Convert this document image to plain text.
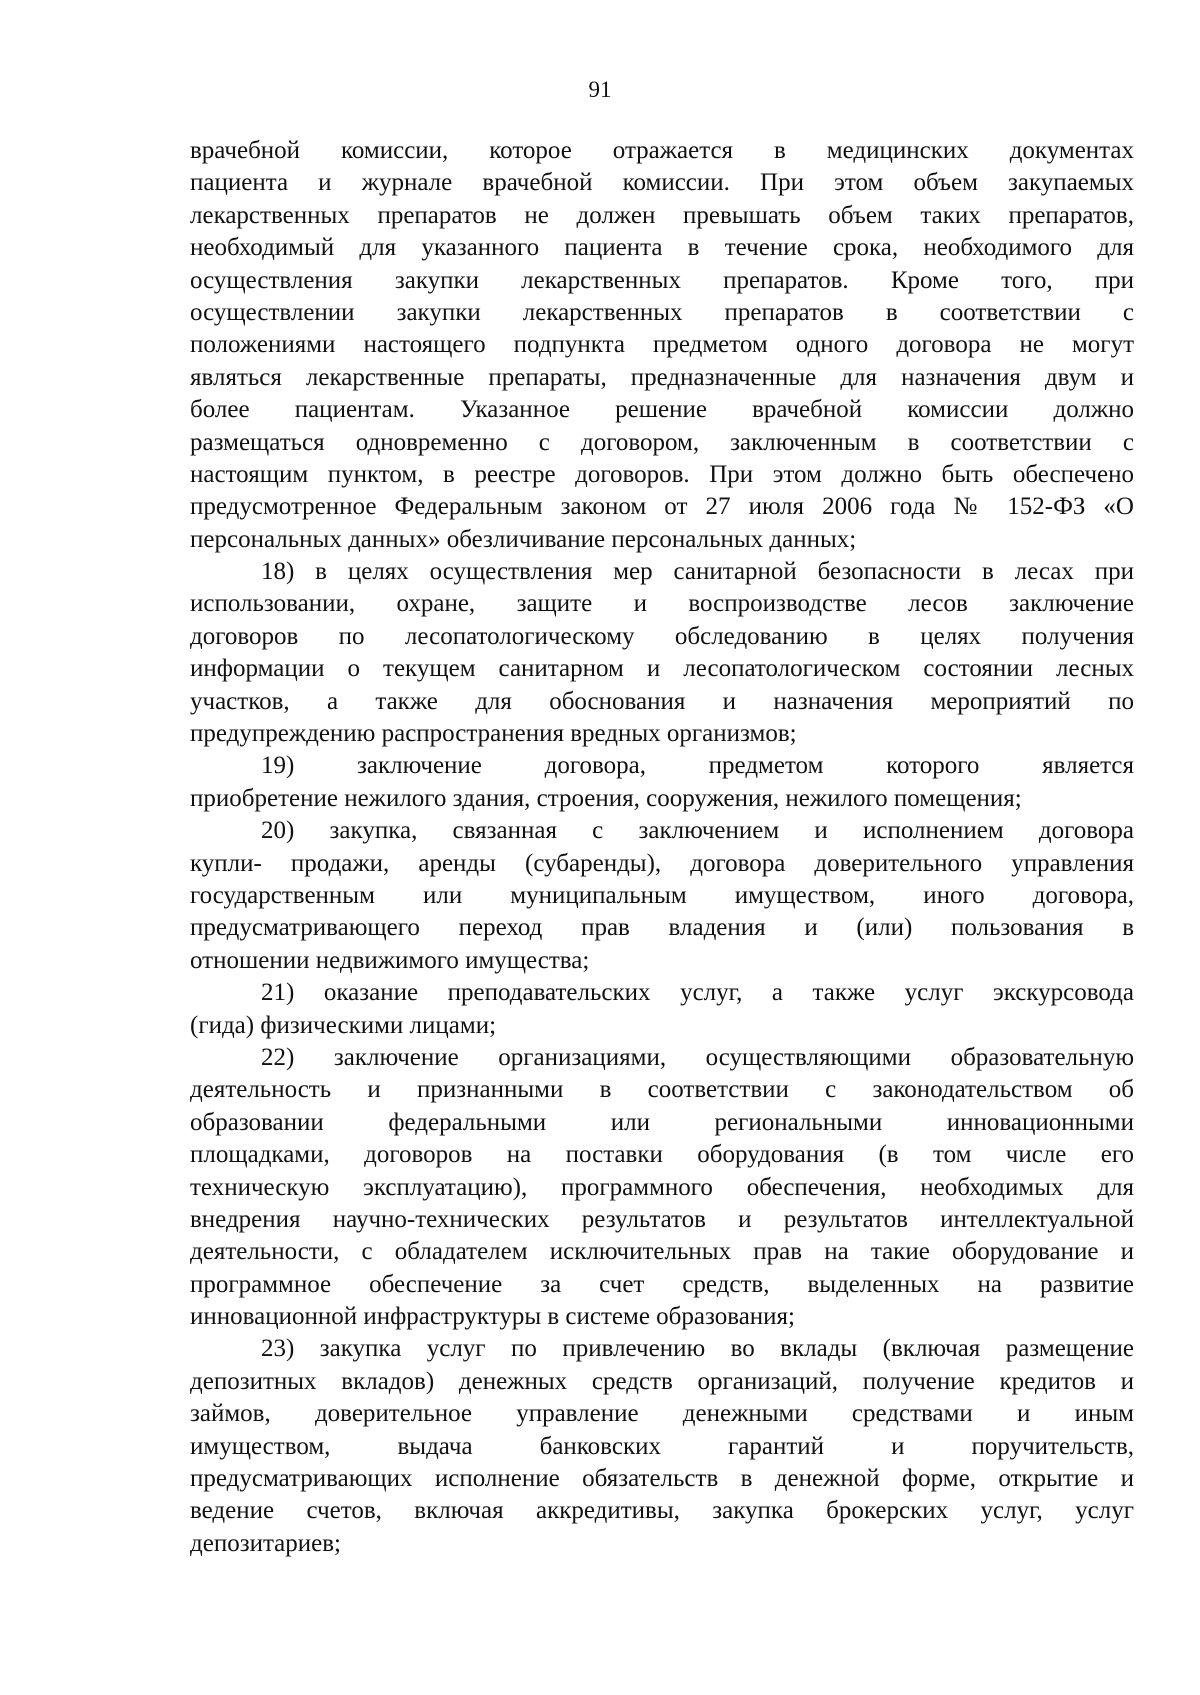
91

врачебной комиссии, которое отражается в медицинских документах
пациента и журнале врачебной комиссии. При этом объем закупаемых
лекарственных препаратов не должен превышать объем таких препаратов,
необходимый для указанного пациента в течение срока, необходимого для
осуществления закупки лекарственных препаратов. Кроме того, при
осуществлении закупки лекарственных препаратов в соответствии с
положениями настоящего подпункта предметом одного договора не могут
являться лекарственные препараты, предназначенные для назначения двум и
более пациентам. Указанное решение врачебной комиссии должно
размещаться одновременно с договором, заключенным в соответствии с
настоящим пунктом, в реестре договоров. При этом должно быть обеспечено
предусмотренное Федеральным законом от 27 июля 2006 года № 152-ФЗ «О
персональных данных» обезличивание персональных данных;

18) в целях осуществления мер санитарной безопасности в лесах при
использовании, охране, защите и воспроизводстве лесов заключение
договоров по лесопатологическому обследованию в целях получения
информации о текущем санитарном и лесопатологическом состоянии лесных
участков, а также для обоснования и назначения мероприятий по
предупреждению распространения вредных организмов;

19) заключение договора, предметом которого является
приобретение нежилого здания, строения, сооружения, нежилого помещения;

20) закупка, связанная с заключением и исполнением договора
купли- продажи, аренды (субаренды), договора доверительного управления
государственным или муниципальным имуществом, иного договора,
предусматривающего переход прав владения и (или) пользования в
отношении недвижимого имущества;

21) оказание преподавательских услуг, а также услуг экскурсовода
(гида) физическими лицами;

22) заключение организациями, осуществляющими образовательную
деятельность и признанными в соответствии с законодательством об
образовании федеральными или региональными инновационными
площадками, договоров на поставки оборудования (в том числе его
техническую эксплуатацию), программного обеспечения, необходимых для
внедрения научно-технических результатов и результатов интеллектуальной
деятельности, с обладателем исключительных прав на такие оборудование и
программное обеспечение за счет средств, выделенных на развитие
инновационной инфраструктуры в системе образования;

23) закупка услуг по привлечению во вклады (включая размещение
депозитных вкладов) денежных средств организаций, получение кредитов и
займов, доверительное управление денежными средствами и иным
имуществом, выдача банковских гарантий и поручительств,
предусматривающих исполнение обязательств в денежной форме, открытие и
ведение счетов, включая аккредитивы, закупка брокерских услуг, услуг
депозитариев;
